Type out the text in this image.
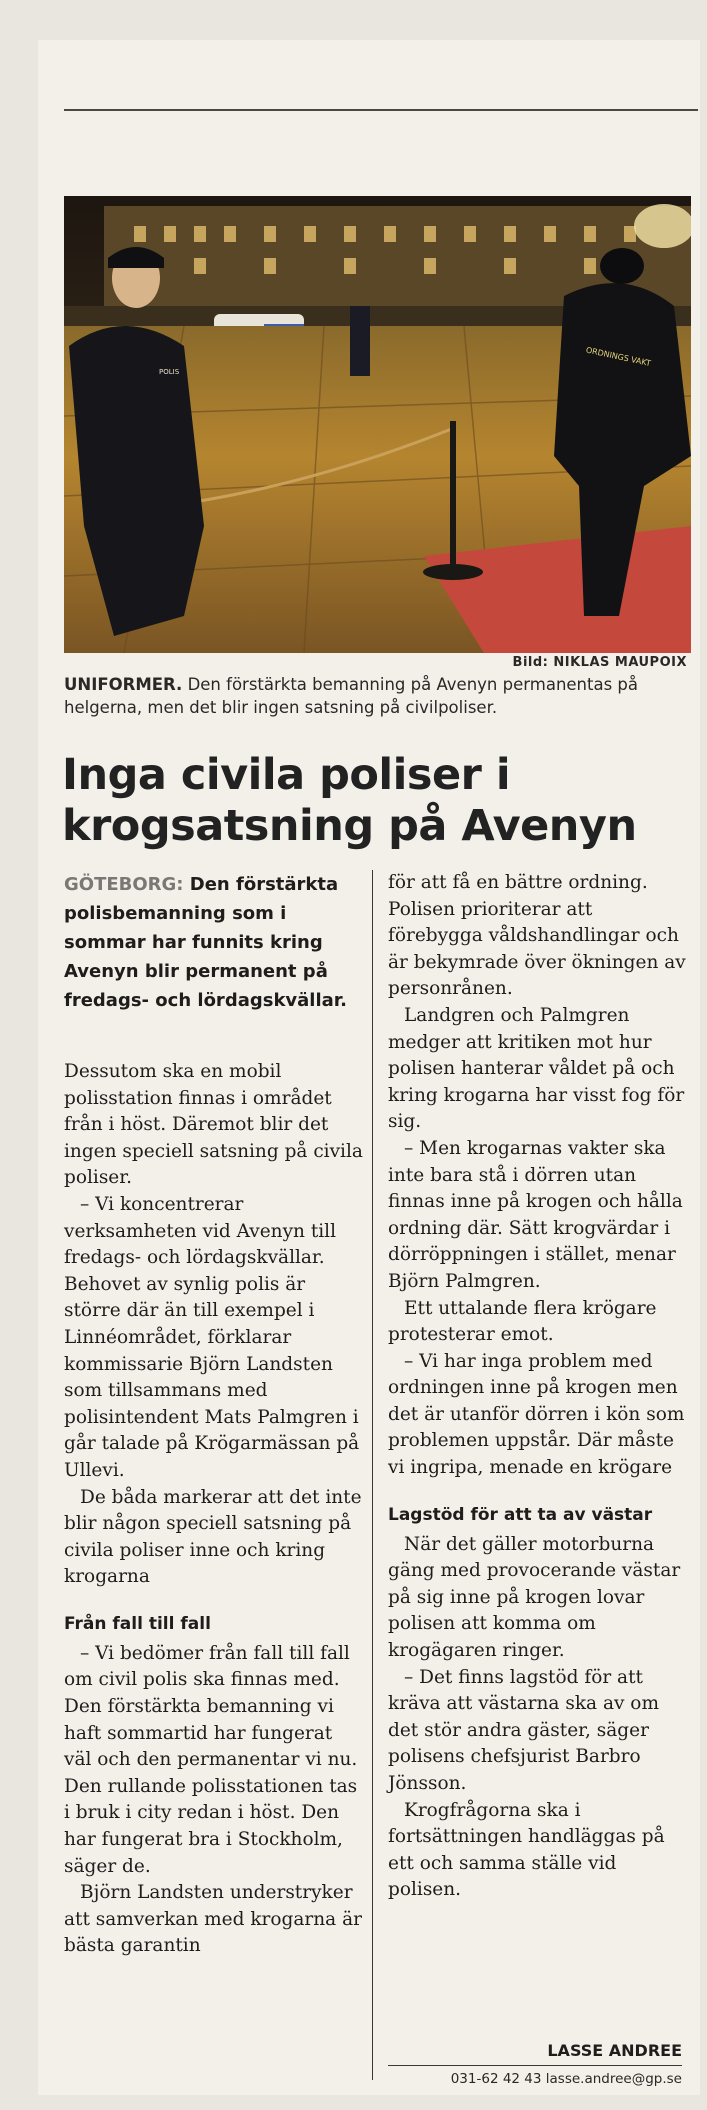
POLIS
ORDNINGS VAKT
Bild: NIKLAS MAUPOIX
UNIFORMER. Den förstärkta bemanning på Avenyn permanentas på helgerna, men det blir ingen satsning på civilpoliser.
Inga civila poliser i krogsatsning på Avenyn

GÖTEBORG: Den förstärkta polisbemanning som i sommar har funnits kring Avenyn blir permanent på fredags- och lördagskvällar.

Dessutom ska en mobil polisstation finnas i området från i höst. Däremot blir det ingen speciell satsning på civila poliser.

– Vi koncentrerar verksamheten vid Avenyn till fredags- och lördagskvällar. Behovet av synlig polis är större där än till exempel i Linnéområdet, förklarar kommissarie Björn Landsten som tillsammans med polisintendent Mats Palmgren i går talade på Krögarmässan på Ullevi.

De båda markerar att det inte blir någon speciell satsning på civila poliser inne och kring krogarna

Från fall till fall

– Vi bedömer från fall till fall om civil polis ska finnas med. Den förstärkta bemanning vi haft sommartid har fungerat väl och den permanentar vi nu. Den rullande polisstationen tas i bruk i city redan i höst. Den har fungerat bra i Stockholm, säger de.

Björn Landsten understryker att samverkan med krogarna är bästa garantin

för att få en bättre ordning. Polisen prioriterar att förebygga våldshandlingar och är bekymrade över ökningen av personrånen.

Landgren och Palmgren medger att kritiken mot hur polisen hanterar våldet på och kring krogarna har visst fog för sig.

– Men krogarnas vakter ska inte bara stå i dörren utan finnas inne på krogen och hålla ordning där. Sätt krogvärdar i dörröppningen i stället, menar Björn Palmgren.

Ett uttalande flera krögare protesterar emot.

– Vi har inga problem med ordningen inne på krogen men det är utanför dörren i kön som problemen uppstår. Där måste vi ingripa, menade en krögare

Lagstöd för att ta av västar

När det gäller motorburna gäng med provocerande västar på sig inne på krogen lovar polisen att komma om krogägaren ringer.

– Det finns lagstöd för att kräva att västarna ska av om det stör andra gäster, säger polisens chefsjurist Barbro Jönsson.

Krogfrågorna ska i fortsättningen handläggas på ett och samma ställe vid polisen.

LASSE ANDREE
031-62 42 43 lasse.andree@gp.se
